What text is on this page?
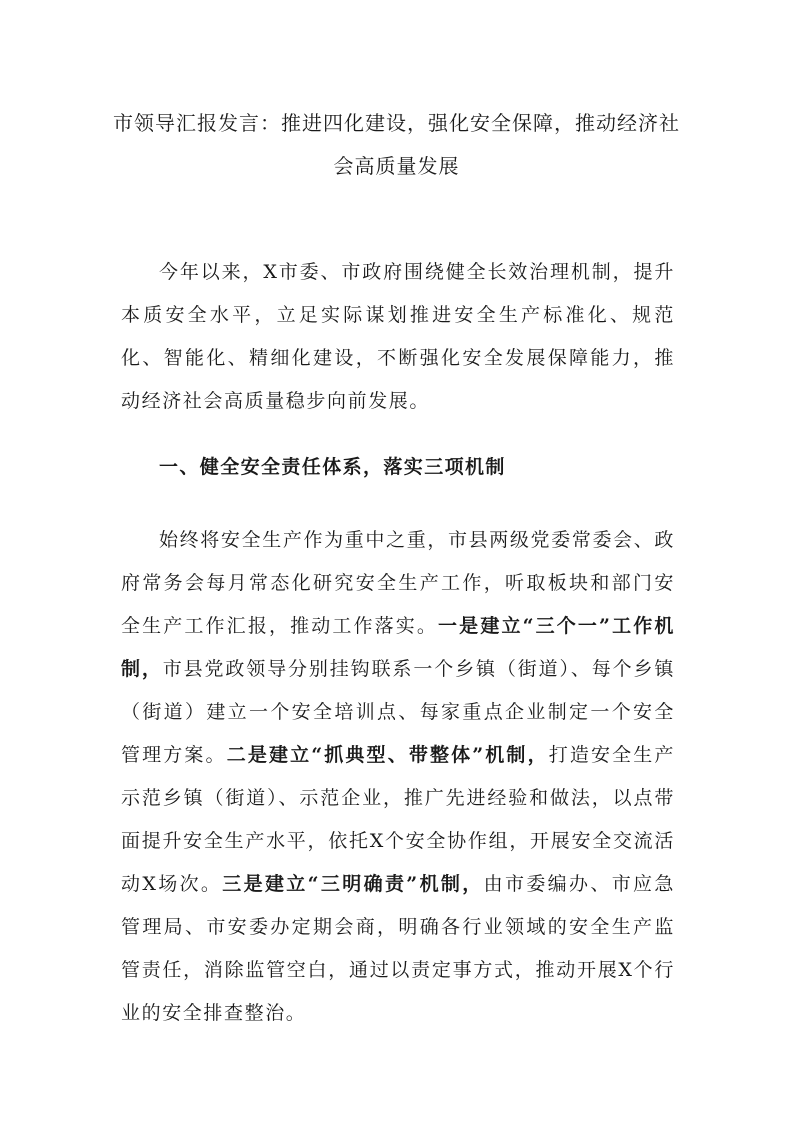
市领导汇报发言：推进四化建设，强化安全保障，推动经济社会高质量发展

今年以来，X市委、市政府围绕健全长效治理机制，提升本质安全水平，立足实际谋划推进安全生产标准化、规范化、智能化、精细化建设，不断强化安全发展保障能力，推动经济社会高质量稳步向前发展。

一、健全安全责任体系，落实三项机制

始终将安全生产作为重中之重，市县两级党委常委会、政府常务会每月常态化研究安全生产工作，听取板块和部门安全生产工作汇报，推动工作落实。一是建立“三个一”工作机制，市县党政领导分别挂钩联系一个乡镇（街道）、每个乡镇（街道）建立一个安全培训点、每家重点企业制定一个安全管理方案。二是建立“抓典型、带整体”机制，打造安全生产示范乡镇（街道）、示范企业，推广先进经验和做法，以点带面提升安全生产水平，依托X个安全协作组，开展安全交流活动X场次。三是建立“三明确责”机制，由市委编办、市应急管理局、市安委办定期会商，明确各行业领域的安全生产监管责任，消除监管空白，通过以责定事方式，推动开展X个行业的安全排查整治。
